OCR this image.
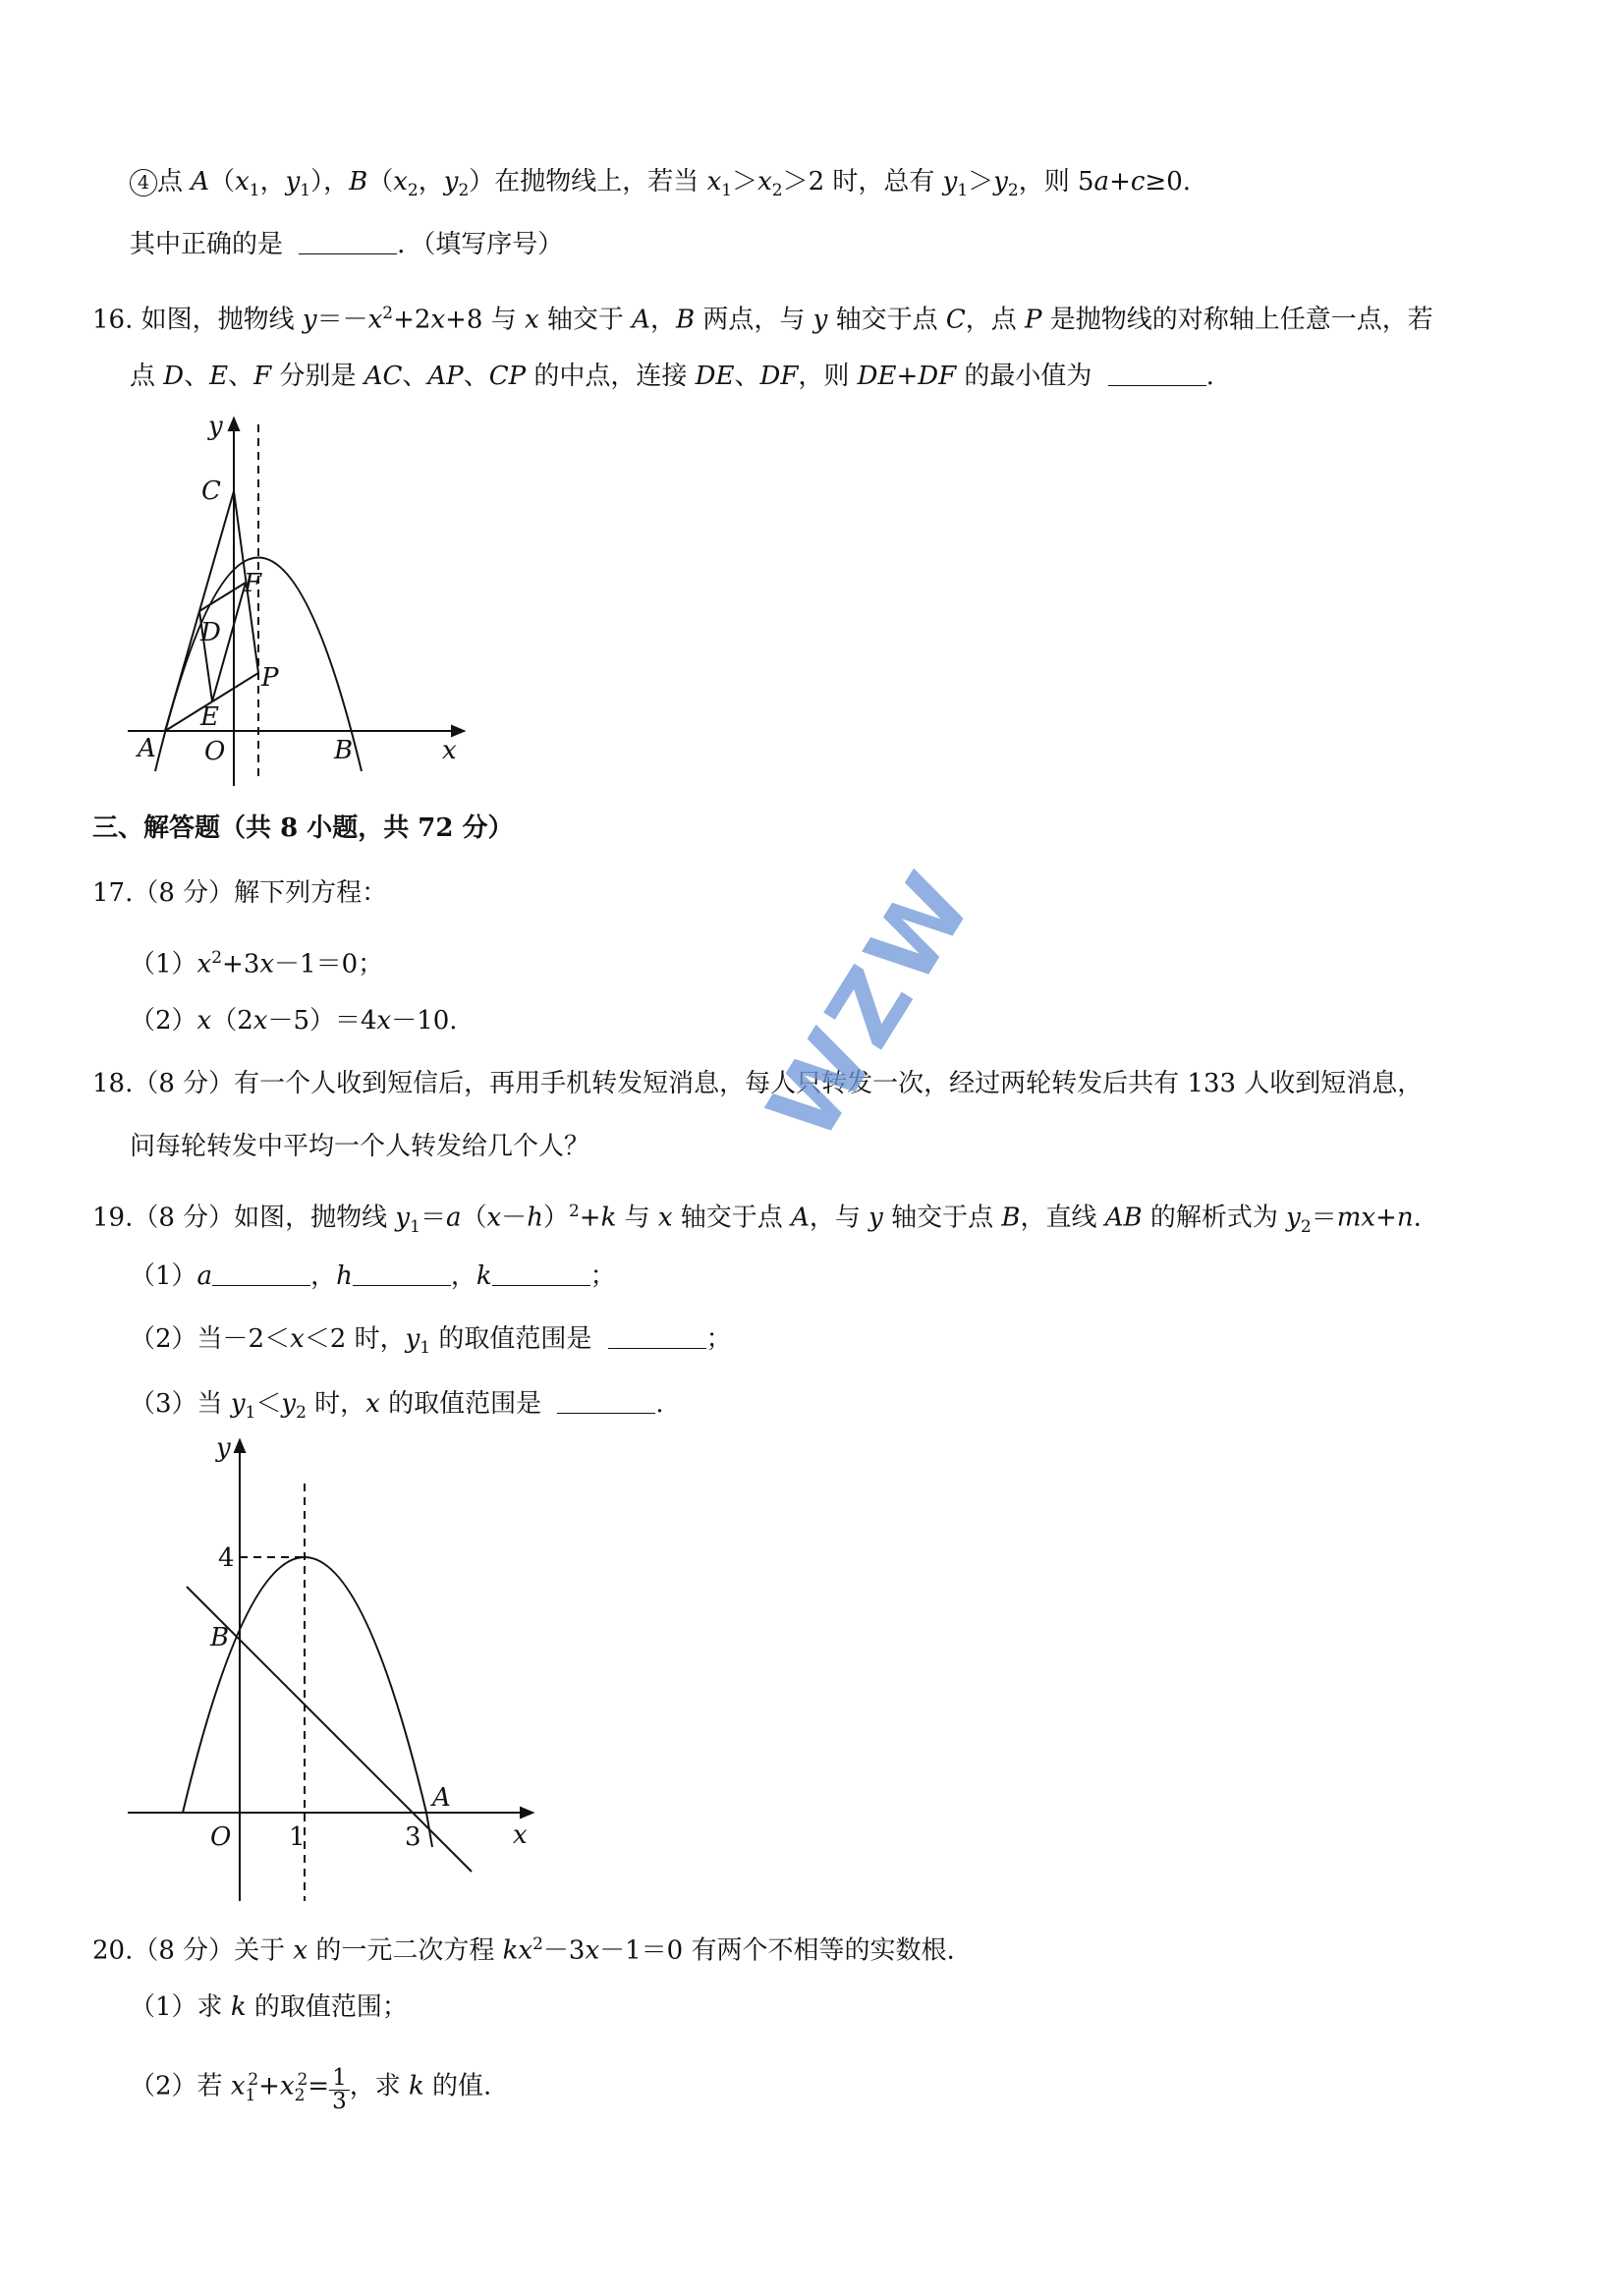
4 点 $A(x_1$，$y_1$），$B(x_2$，$y_2$）在抛物线上，若当 $x_1>x_2>2$ 时，总有 $y_1>y_2$，则 5a+c≥0.
其中正确的是	．（填写序号）
16. 如图，抛物线 $y=-x^2+2x+8$ 与 x 轴交于 A，B 两点，与 y 轴交于点 C，点 P 是抛物线的对称轴上任意一点，若
点 D、E、F 分别是 AC、AP、CP 的中点，连接 DE、DF，则 DE+DF 的最小值为	.
y
x
C
F
D
P
E
A O	B
三、解答题（共 8 小题，共 72 分）
17.（8 分）解下列方程：
$(1)x^2+3x-1=0$；
（2）x（2x－5）＝4x－10.
18.（8 分）有一个人收到短信后，再用手机转发短消息，每人只转发一次，经过两轮转发后共有 133 人收到短消息，
问每轮转发中平均一个人转发给几个人？
19.（8 分）如图，抛物线 $y_1=a(x-h)^2+k$ 与 x 轴交于点 A，与 y 轴交于点 B，直线 AB 的解析式为 $y_2=mx+n$.
（1）a	，h	，k	；
（2）当－2＜x＜2 时，$y_1$ 的取值范围是	；
（3）当 $y_1<y_2$ 时，x 的取值范围是	.
y
x
4
B
O 1	3
A
20.（8 分）关于 x 的一元二次方程 $kx^2-3x-1=0$ 有两个不相等的实数根.
（1）求 k 的取值范围；
（2）若 $x_1^2+x_2^2= \frac{1}{3}$ ，求 k 的值.
WZW
